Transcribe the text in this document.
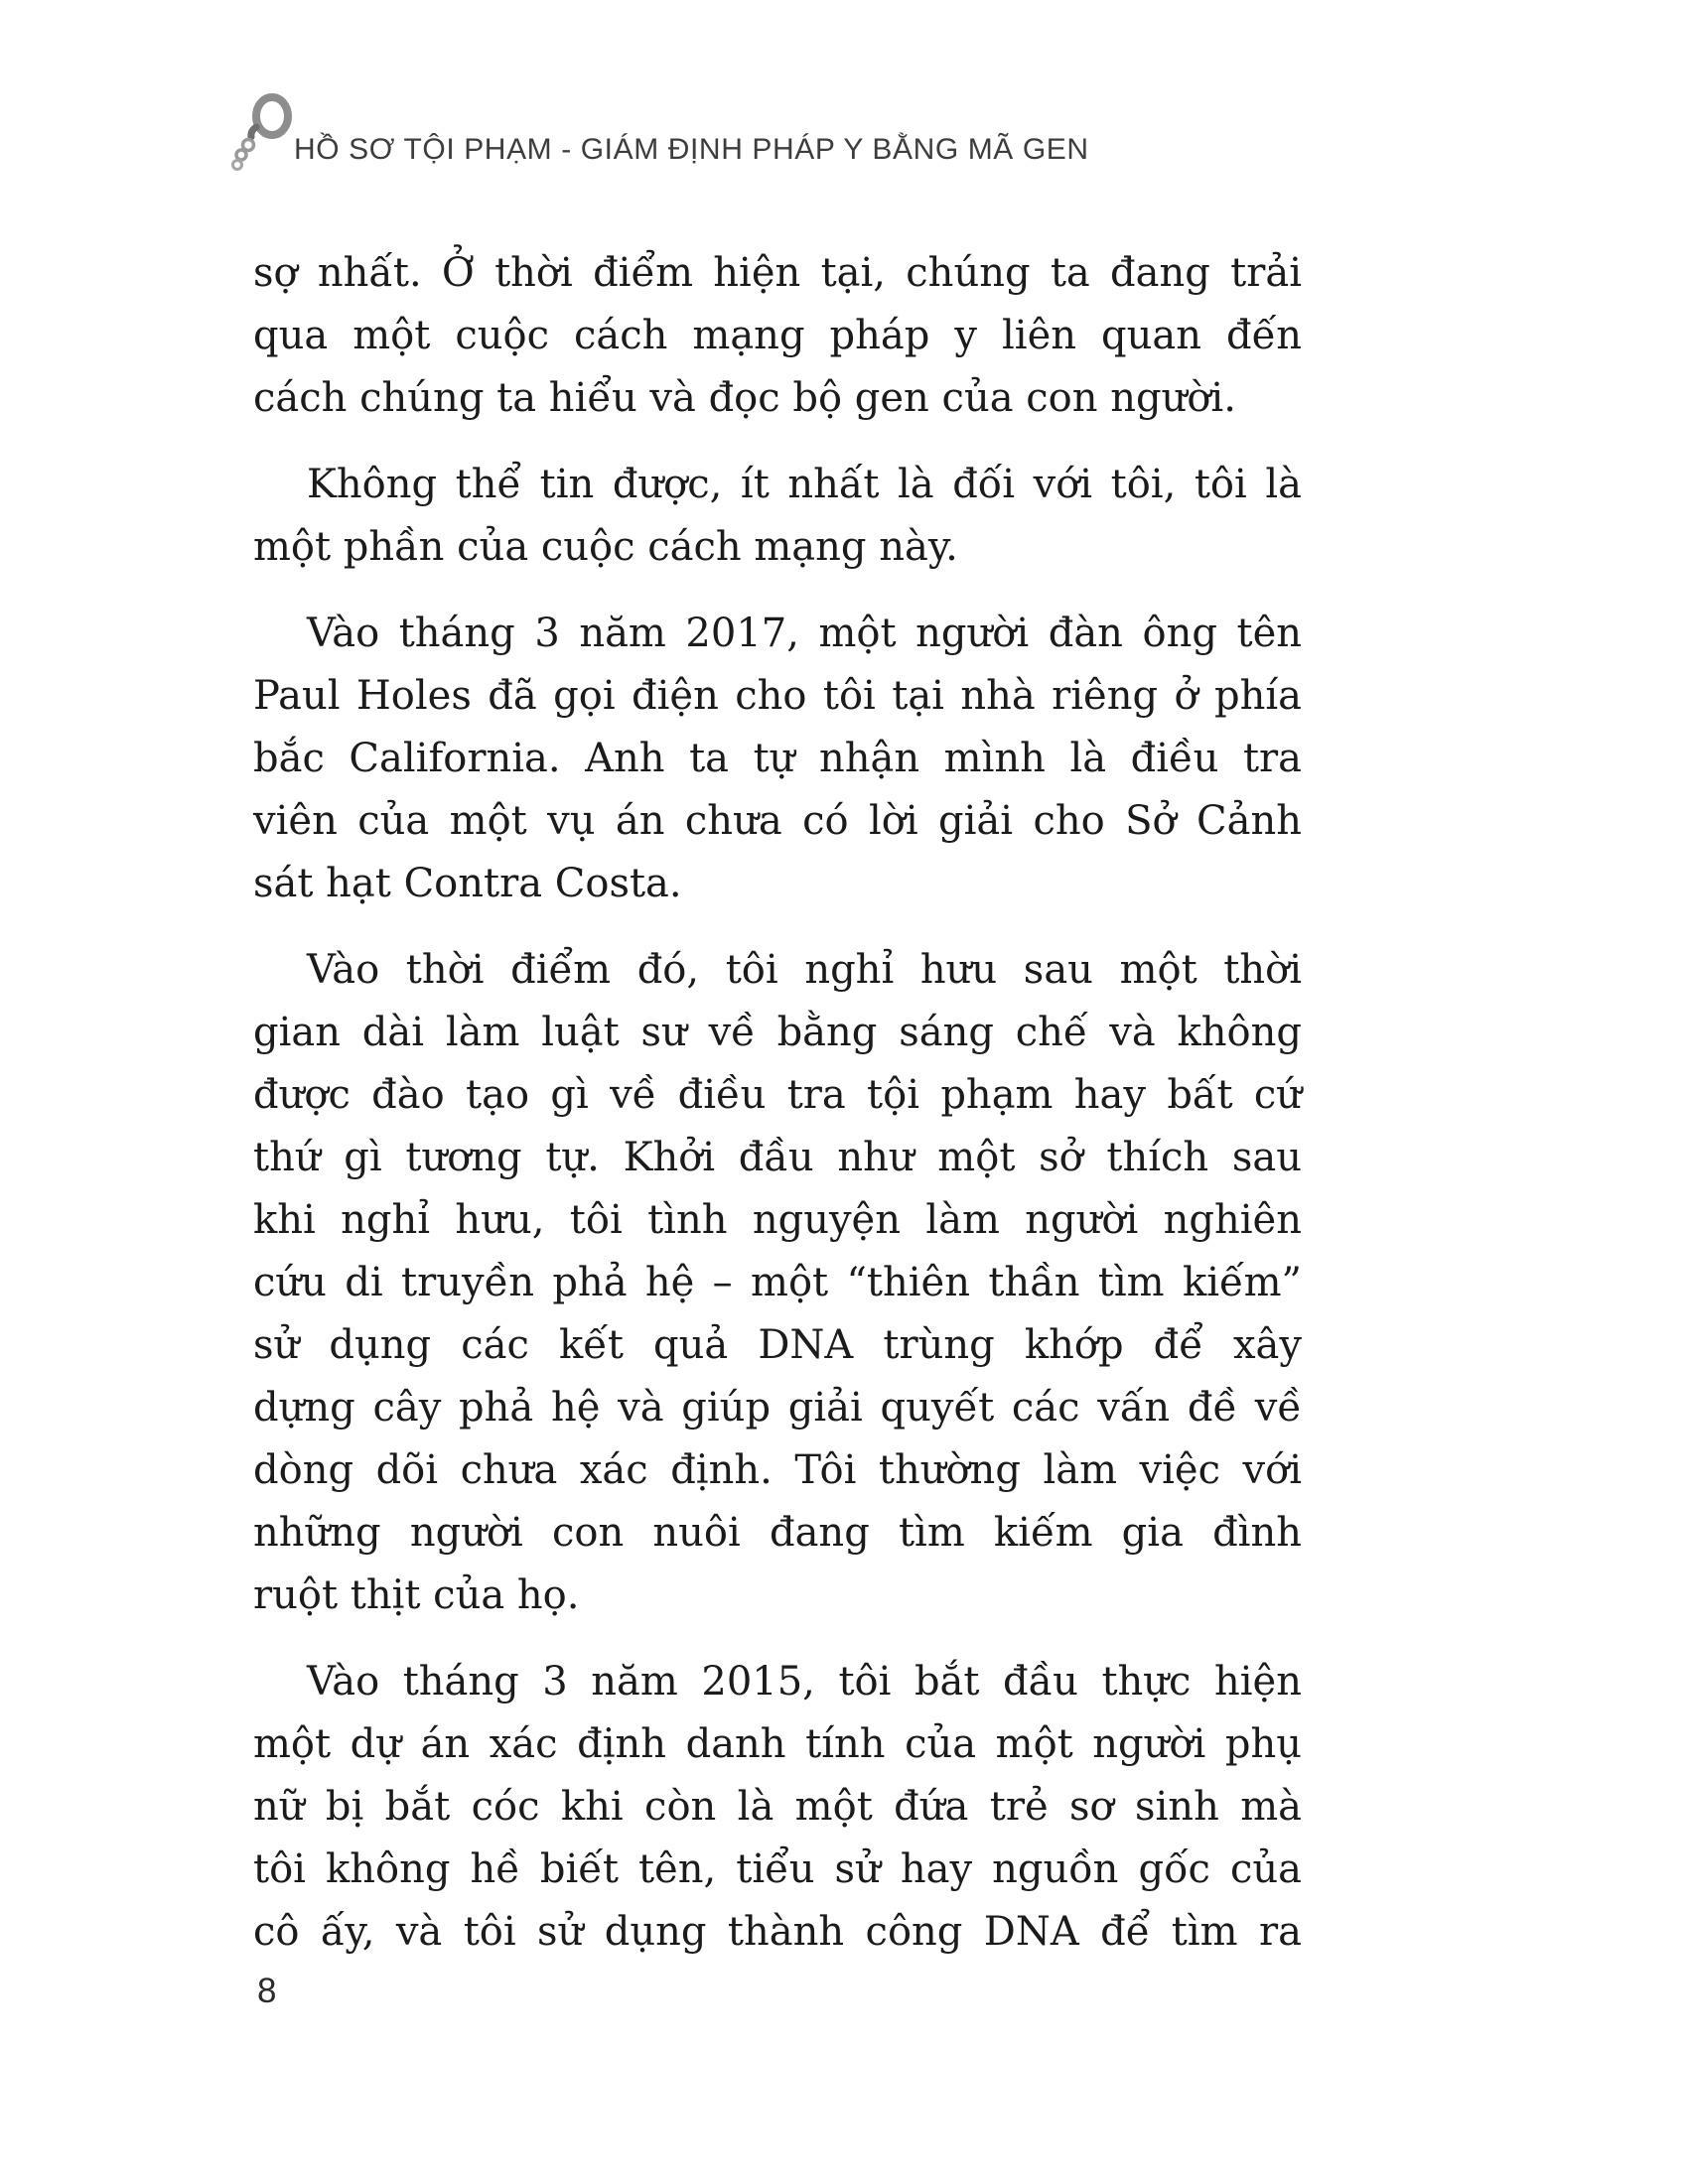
HỒ SƠ TỘI PHẠM - GIÁM ĐỊNH PHÁP Y BẰNG MÃ GEN
sợ nhất. Ở thời điểm hiện tại, chúng ta đang trải
qua một cuộc cách mạng pháp y liên quan đến
cách chúng ta hiểu và đọc bộ gen của con người.
Không thể tin được, ít nhất là đối với tôi, tôi là
một phần của cuộc cách mạng này.
Vào tháng 3 năm 2017, một người đàn ông tên
Paul Holes đã gọi điện cho tôi tại nhà riêng ở phía
bắc California. Anh ta tự nhận mình là điều tra
viên của một vụ án chưa có lời giải cho Sở Cảnh
sát hạt Contra Costa.
Vào thời điểm đó, tôi nghỉ hưu sau một thời
gian dài làm luật sư về bằng sáng chế và không
được đào tạo gì về điều tra tội phạm hay bất cứ
thứ gì tương tự. Khởi đầu như một sở thích sau
khi nghỉ hưu, tôi tình nguyện làm người nghiên
cứu di truyền phả hệ – một “thiên thần tìm kiếm”
sử dụng các kết quả DNA trùng khớp để xây
dựng cây phả hệ và giúp giải quyết các vấn đề về
dòng dõi chưa xác định. Tôi thường làm việc với
những người con nuôi đang tìm kiếm gia đình
ruột thịt của họ.
Vào tháng 3 năm 2015, tôi bắt đầu thực hiện
một dự án xác định danh tính của một người phụ
nữ bị bắt cóc khi còn là một đứa trẻ sơ sinh mà
tôi không hề biết tên, tiểu sử hay nguồn gốc của
cô ấy, và tôi sử dụng thành công DNA để tìm ra
8
